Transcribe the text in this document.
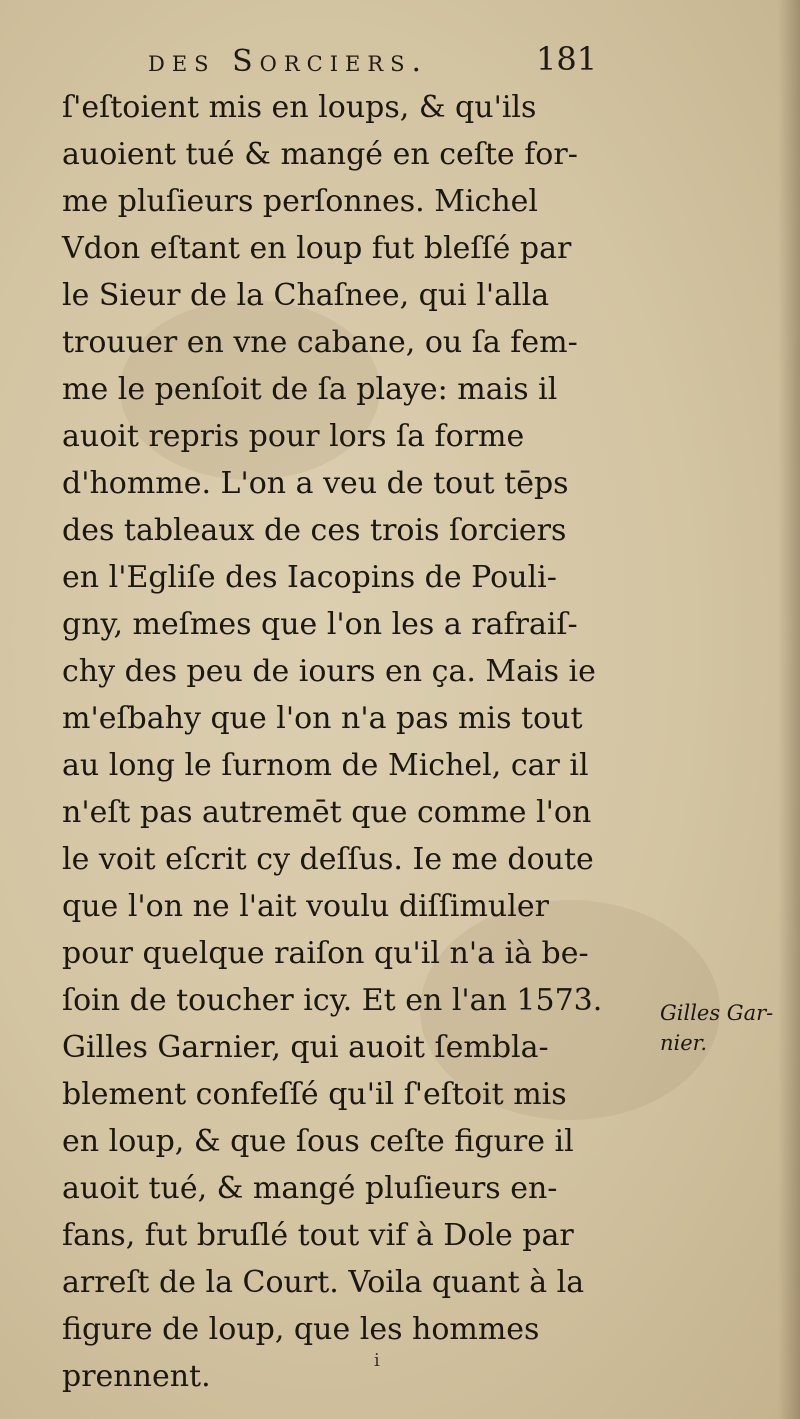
des Sorciers.	181
ſ'eſtoient mis en loups, & qu'ils
auoient tué & mangé en ceſte for-
me pluſieurs perſonnes. Michel
Vdon eſtant en loup fut bleſſé par
le Sieur de la Chaſnee, qui l'alla
trouuer en vne cabane, ou ſa fem-
me le penſoit de ſa playe: mais il
auoit repris pour lors ſa forme
d'homme. L'on a veu de tout tēps
des tableaux de ces trois ſorciers
en l'Egliſe des Iacopins de Pouli-
gny, meſmes que l'on les a rafraiſ-
chy des peu de iours en ça. Mais ie
m'eſbahy que l'on n'a pas mis tout
au long le ſurnom de Michel, car il
n'eſt pas autremēt que comme l'on
le voit eſcrit cy deſſus. Ie me doute
que l'on ne l'ait voulu diſſimuler
pour quelque raiſon qu'il n'a ià be-
ſoin de toucher icy. Et en l'an 1573.
Gilles Garnier, qui auoit ſembla-
blement confeſſé qu'il ſ'eſtoit mis
en loup, & que ſous ceſte figure il
auoit tué, & mangé pluſieurs en-
fans, fut bruſlé tout vif à Dole par
arreſt de la Court. Voila quant à la
figure de loup, que les hommes
prennent.
Gilles Gar-
nier.
i
